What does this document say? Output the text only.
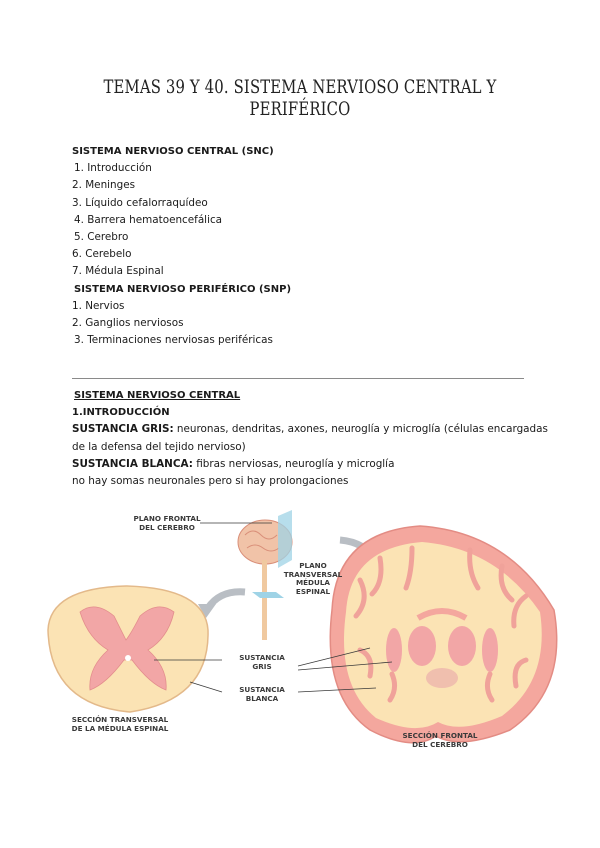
TEMAS 39 Y 40. SISTEMA NERVIOSO CENTRAL Y PERIFÉRICO
SISTEMA NERVIOSO CENTRAL (SNC)
1. Introducción
2. Meninges
3. Líquido cefalorraquídeo
4. Barrera hematoencefálica
5. Cerebro
6. Cerebelo
7. Médula Espinal
SISTEMA NERVIOSO PERIFÉRICO (SNP)
1. Nervios
2. Ganglios nerviosos
3. Terminaciones nerviosas periféricas
SISTEMA NERVIOSO CENTRAL
1.INTRODUCCIÓN
SUSTANCIA GRIS: neuronas, dendritas, axones, neuroglía y microglía (células encargadas
de la defensa del tejido nervioso)
SUSTANCIA BLANCA: fibras nerviosas, neuroglía y microglía
no hay somas neuronales pero si hay prolongaciones
PLANO FRONTAL
DEL CEREBRO
PLANO
TRANSVERSAL
MÉDULA
ESPINAL
SUSTANCIA
GRIS
SUSTANCIA
BLANCA
SECCIÓN TRANSVERSAL
DE LA MÉDULA ESPINAL
SECCIÓN FRONTAL
DEL CEREBRO
